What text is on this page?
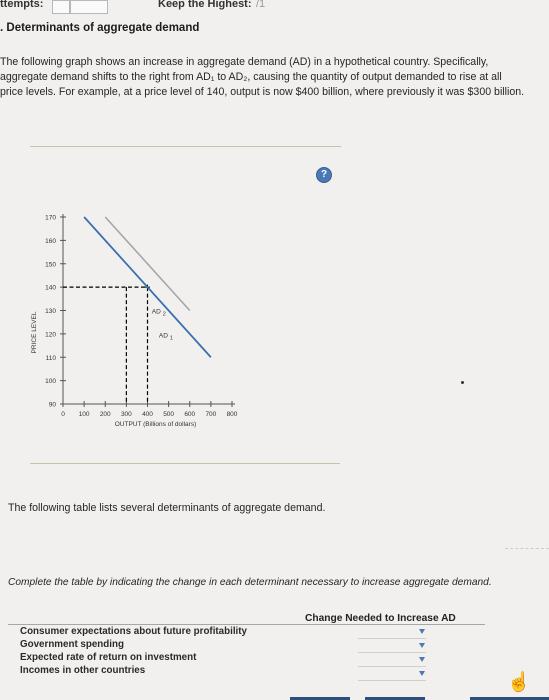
ttempts:	Keep the Highest: /1
. Determinants of aggregate demand
The following graph shows an increase in aggregate demand (AD) in a hypothetical country. Specifically, aggregate demand shifts to the right from AD₁ to AD₂, causing the quantity of output demanded to rise at all price levels. For example, at a price level of 140, output is now $400 billion, where previously it was $300 billion.
?
170
160
150
140
130
120
110
100
90
0 100 200 300 400 500 600 700 800
PRICE LEVEL
OUTPUT (Billions of dollars)
AD 1
AD 2
The following table lists several determinants of aggregate demand.
Complete the table by indicating the change in each determinant necessary to increase aggregate demand.
Change Needed to Increase AD
Consumer expectations about future profitability
Government spending
Expected rate of return on investment
Incomes in other countries
☝
